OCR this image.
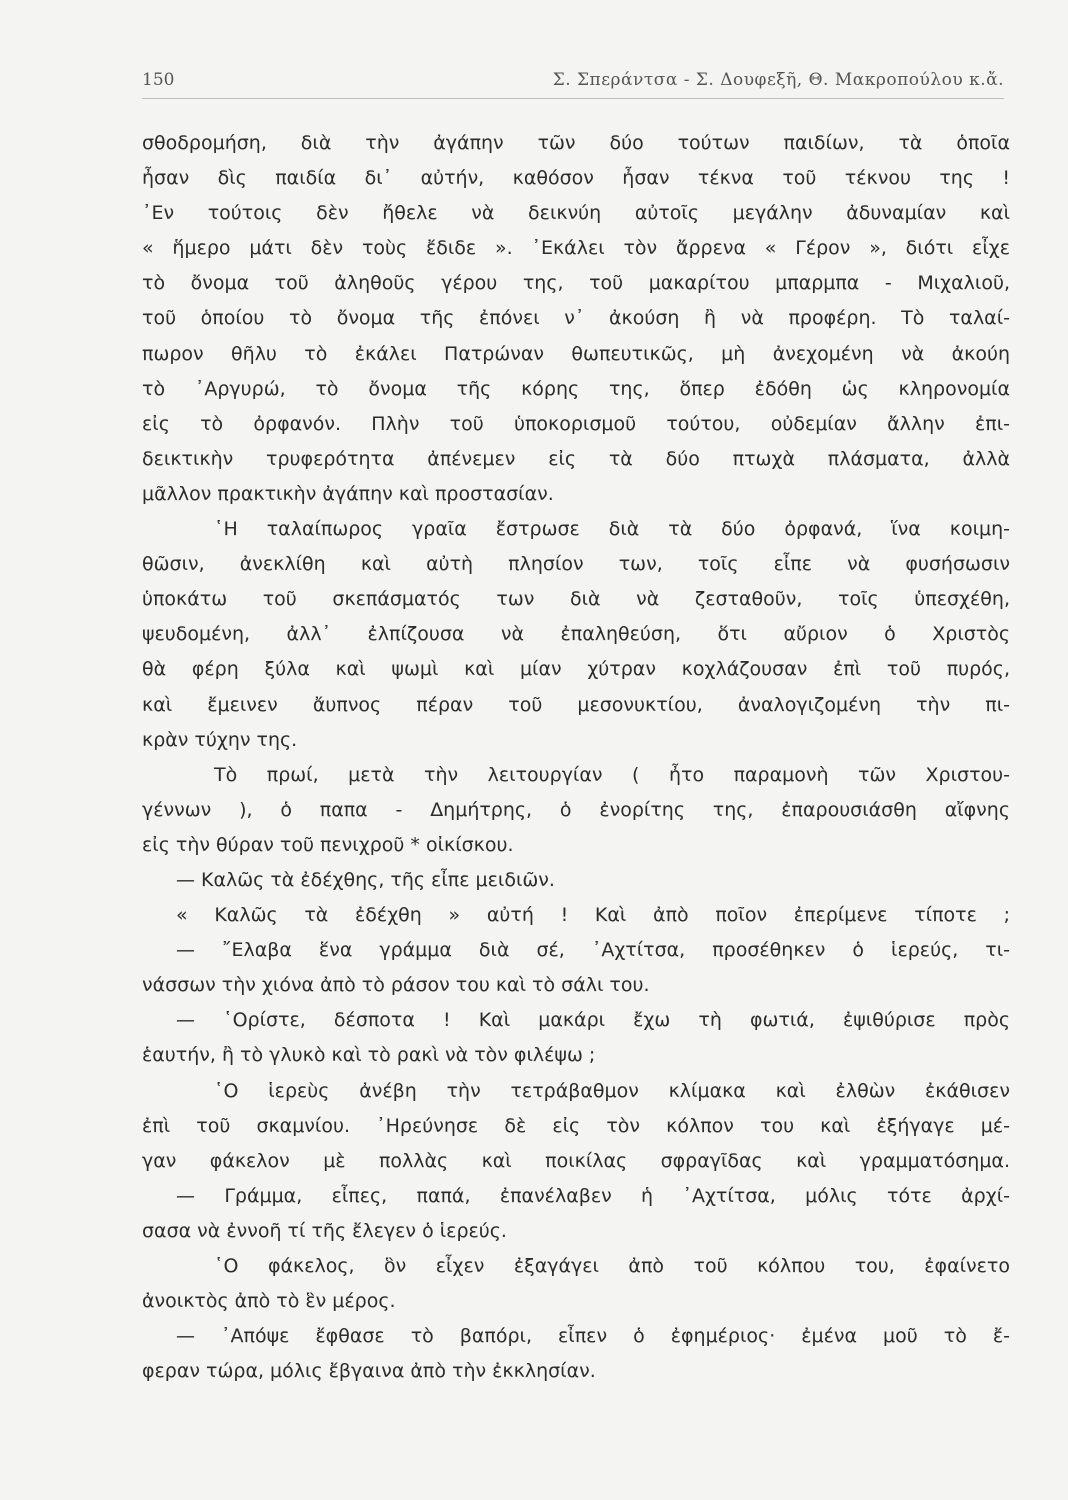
150	Σ. Σπεράντσα - Σ. Δουφεξῆ, Θ. Μακροπούλου κ.ἄ.
σθοδρομήση, διὰ τὴν ἀγάπην τῶν δύο τούτων παιδίων, τὰ ὁποῖα
ἦσαν δὶς παιδία δι᾽ αὐτήν, καθόσον ἦσαν τέκνα τοῦ τέκνου της !
᾽Εν τούτοις δὲν ἤθελε νὰ δεικνύη αὐτοῖς μεγάλην ἀδυναμίαν καὶ
« ἥμερο μάτι δὲν τοὺς ἔδιδε ». ᾽Εκάλει τὸν ἄρρενα « Γέρον », διότι εἶχε
τὸ ὄνομα τοῦ ἀληθοῦς γέρου της, τοῦ μακαρίτου μπαρμπα - Μιχαλιοῦ,
τοῦ ὁποίου τὸ ὄνομα τῆς ἐπόνει ν᾽ ἀκούση ἢ νὰ προφέρη. Τὸ ταλαί-
πωρον θῆλυ τὸ ἐκάλει Πατρώναν θωπευτικῶς, μὴ ἀνεχομένη νὰ ἀκούη
τὸ ᾽Αργυρώ, τὸ ὄνομα τῆς κόρης της, ὅπερ ἐδόθη ὡς κληρονομία
εἰς τὸ ὀρφανόν. Πλὴν τοῦ ὑποκορισμοῦ τούτου, οὐδεμίαν ἄλλην ἐπι-
δεικτικὴν τρυφερότητα ἀπένεμεν εἰς τὰ δύο πτωχὰ πλάσματα, ἀλλὰ
μᾶλλον πρακτικὴν ἀγάπην καὶ προστασίαν.
῾Η ταλαίπωρος γραῖα ἔστρωσε διὰ τὰ δύο ὀρφανά, ἵνα κοιμη-
θῶσιν, ἀνεκλίθη καὶ αὐτὴ πλησίον των, τοῖς εἶπε νὰ φυσήσωσιν
ὑποκάτω τοῦ σκεπάσματός των διὰ νὰ ζεσταθοῦν, τοῖς ὑπεσχέθη,
ψευδομένη, ἀλλ᾽ ἐλπίζουσα νὰ ἐπαληθεύση, ὅτι αὔριον ὁ Χριστὸς
θὰ φέρη ξύλα καὶ ψωμὶ καὶ μίαν χύτραν κοχλάζουσαν ἐπὶ τοῦ πυρός,
καὶ ἔμεινεν ἄυπνος πέραν τοῦ μεσονυκτίου, ἀναλογιζομένη τὴν πι-
κρὰν τύχην της.
Τὸ πρωί, μετὰ τὴν λειτουργίαν ( ἦτο παραμονὴ τῶν Χριστου-
γέννων ), ὁ παπα - Δημήτρης, ὁ ἐνορίτης της, ἐπαρουσιάσθη αἴφνης
εἰς τὴν θύραν τοῦ πενιχροῦ * οἰκίσκου.
— Καλῶς τὰ ἐδέχθης, τῆς εἶπε μειδιῶν.
« Καλῶς τὰ ἐδέχθη » αὐτή ! Καὶ ἀπὸ ποῖον ἐπερίμενε τίποτε ;
— ῎Ελαβα ἕνα γράμμα διὰ σέ, ᾽Αχτίτσα, προσέθηκεν ὁ ἱερεύς, τι-
νάσσων τὴν χιόνα ἀπὸ τὸ ράσον του καὶ τὸ σάλι του.
— ῾Ορίστε, δέσποτα ! Καὶ μακάρι ἔχω τὴ φωτιά, ἐψιθύρισε πρὸς
ἑαυτήν, ἢ τὸ γλυκὸ καὶ τὸ ρακὶ νὰ τὸν φιλέψω ;
῾Ο ἱερεὺς ἀνέβη τὴν τετράβαθμον κλίμακα καὶ ἐλθὼν ἐκάθισεν
ἐπὶ τοῦ σκαμνίου. ᾽Ηρεύνησε δὲ εἰς τὸν κόλπον του καὶ ἐξήγαγε μέ-
γαν φάκελον μὲ πολλὰς καὶ ποικίλας σφραγῖδας καὶ γραμματόσημα.
— Γράμμα, εἶπες, παπά, ἐπανέλαβεν ἡ ᾽Αχτίτσα, μόλις τότε ἀρχί-
σασα νὰ ἐννοῆ τί τῆς ἔλεγεν ὁ ἱερεύς.
῾Ο φάκελος, ὃν εἶχεν ἐξαγάγει ἀπὸ τοῦ κόλπου του, ἐφαίνετο
ἀνοικτὸς ἀπὸ τὸ ἓν μέρος.
— ᾽Απόψε ἔφθασε τὸ βαπόρι, εἶπεν ὁ ἐφημέριος· ἐμένα μοῦ τὸ ἔ-
φεραν τώρα, μόλις ἔβγαινα ἀπὸ τὴν ἐκκλησίαν.
